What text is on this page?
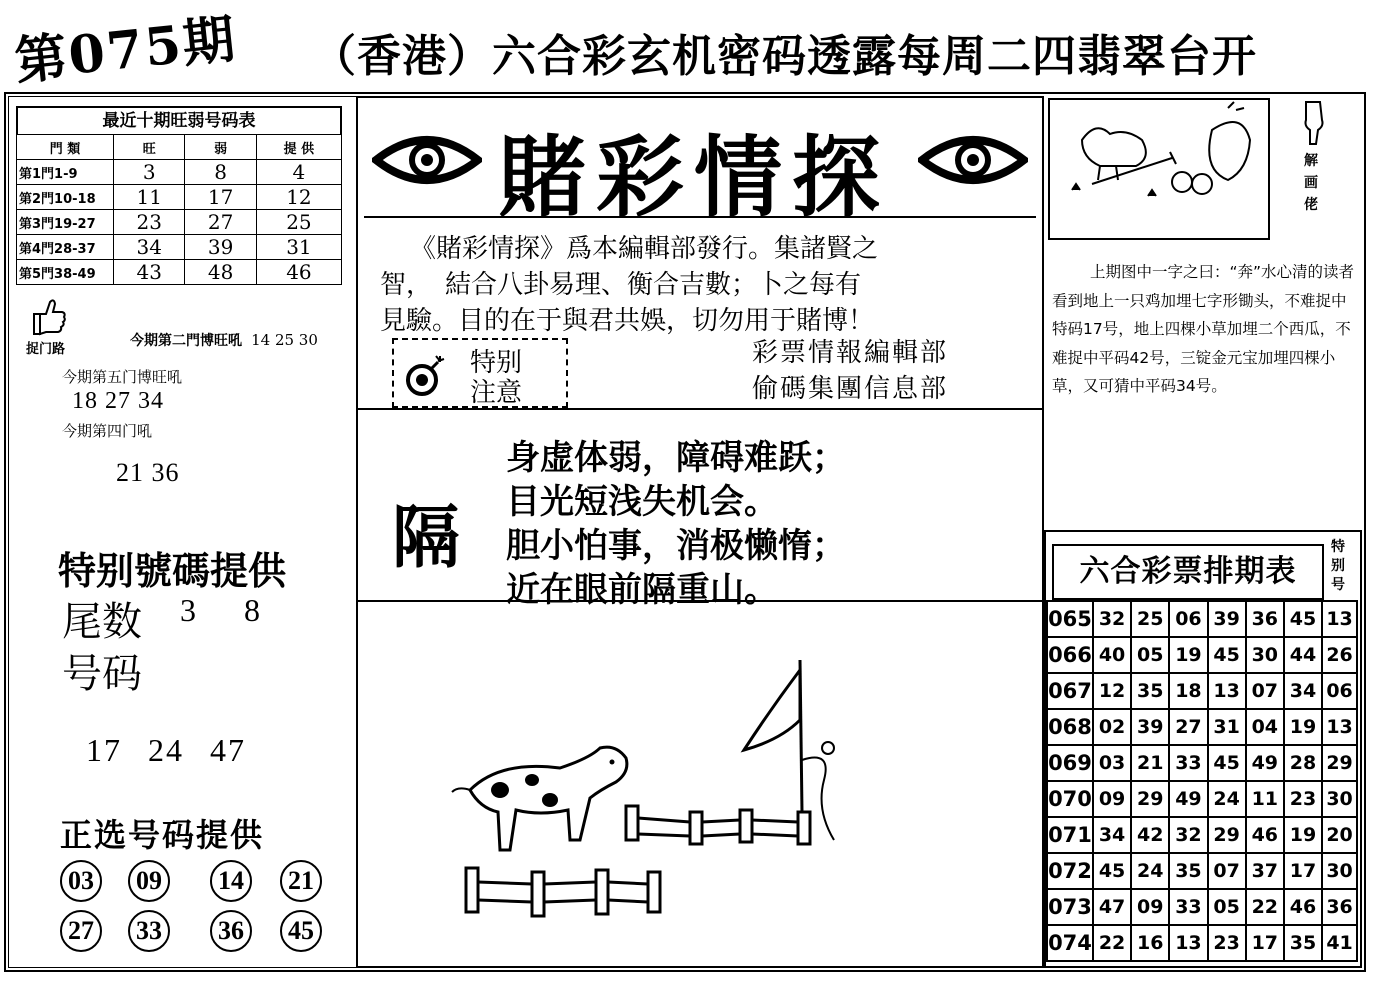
第075期 （香港）六合彩玄机密码透露每周二四翡翠台开
最近十期旺弱号码表
門 類	旺	弱	提 供
第1門1-9	3	8	4
第2門10-18	11	17	12
第3門19-27	23	27	25
第4門28-37	34	39	31
第5門38-49	43	48	46
捉门路
今期第二門博旺吼 14 25 30
今期第五门博旺吼
18 27 34
今期第四门吼
21 36
特别號碼提供
尾数 3 8
号码
17 24 47
正选号码提供
03	09	14	21
27	33	36	45
賭彩情探
《賭彩情探》爲本編輯部發行。集諸賢之
智，　結合八卦易理、衡合吉數；卜之每有
見驗。目的在于與君共娛，切勿用于賭博！
特别
注意
彩票情報編輯部
偷碼集團信息部
隔
身虚体弱，障碍难跃；
目光短浅失机会。
胆小怕事，消极懒惰；
近在眼前隔重山。
解
画
佬
上期图中一字之曰：“奔”水心清的读者看到地上一只鸡加埋七字形锄头，不难捉中特码17号，地上四棵小草加埋二个西瓜，不难捉中平码42号，三锭金元宝加埋四棵小草，又可猜中平码34号。
六合彩票排期表
特
别
号
065	32	25	06	39	36	45	13
066	40	05	19	45	30	44	26
067	12	35	18	13	07	34	06
068	02	39	27	31	04	19	13
069	03	21	33	45	49	28	29
070	09	29	49	24	11	23	30
071	34	42	32	29	46	19	20
072	45	24	35	07	37	17	30
073	47	09	33	05	22	46	36
074	22	16	13	23	17	35	41
